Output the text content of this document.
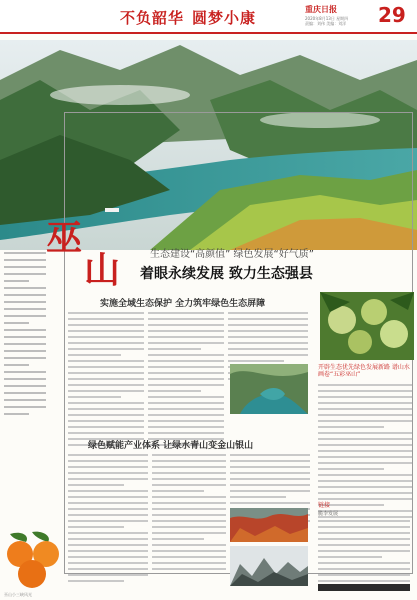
不负韶华 圆梦小康	重庆日报
2020年8月13日 星期四
责编：刘伟 美编：刘洋	29
巫
山	生态建设“高颜值” 绿色发展“好气质”
着眼永续发展 致力生态强县
实施全域生态保护 全力筑牢绿色生态屏障
开辟生态优先绿色发展新路 谱山水画卷“五彩巫山”
绿色赋能产业体系 让绿水青山变金山银山
链接
脆李发展
巫山小三峡风光
